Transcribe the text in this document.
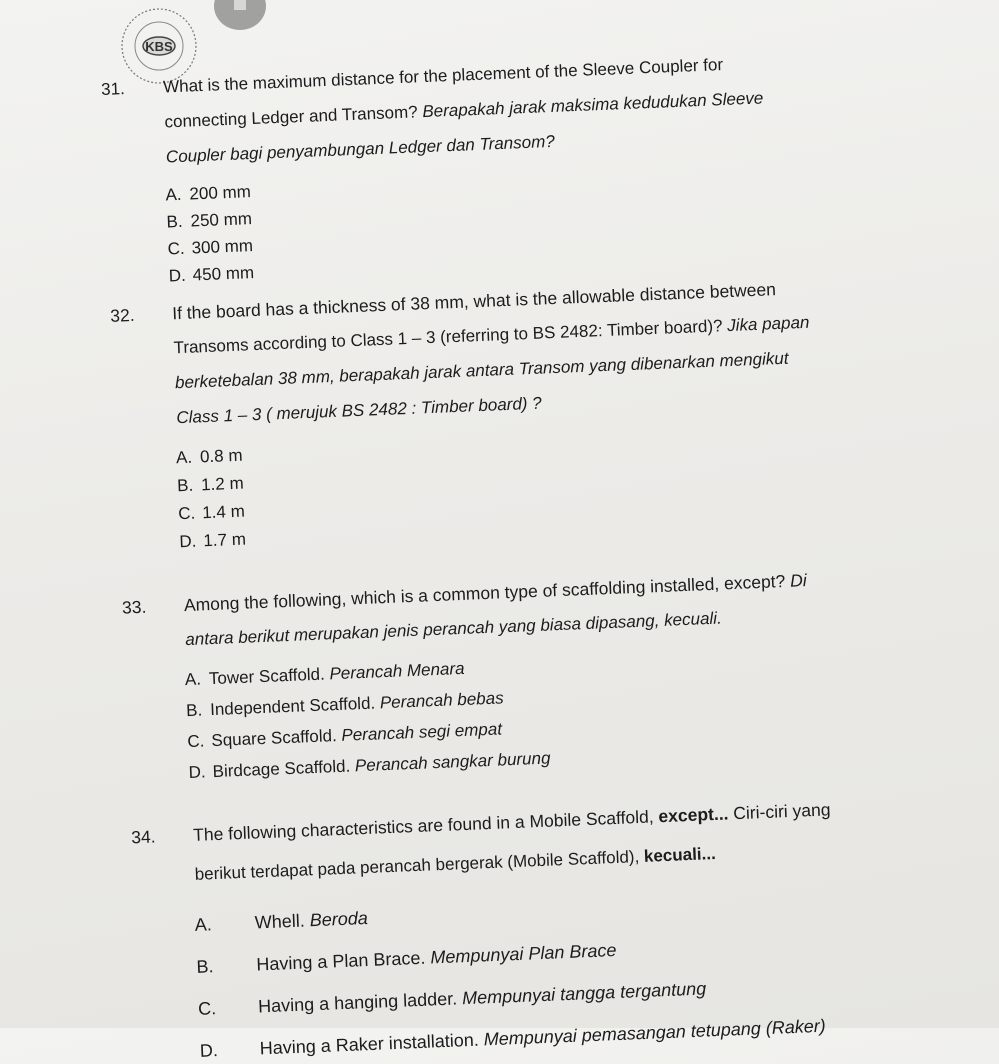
KBS
31. What is the maximum distance for the placement of the Sleeve Coupler for
connecting Ledger and Transom? Berapakah jarak maksima kedudukan Sleeve
Coupler bagi penyambungan Ledger dan Transom?
A. 200 mm
B. 250 mm
C. 300 mm
D. 450 mm
32. If the board has a thickness of 38 mm, what is the allowable distance between
Transoms according to Class 1 – 3 (referring to BS 2482: Timber board)? Jika papan
berketebalan 38 mm, berapakah jarak antara Transom yang dibenarkan mengikut
Class 1 – 3 ( merujuk BS 2482 : Timber board) ?
A. 0.8 m
B. 1.2 m
C. 1.4 m
D. 1.7 m
33. Among the following, which is a common type of scaffolding installed, except? Di
antara berikut merupakan jenis perancah yang biasa dipasang, kecuali.
A. Tower Scaffold. Perancah Menara
B. Independent Scaffold. Perancah bebas
C. Square Scaffold. Perancah segi empat
D. Birdcage Scaffold. Perancah sangkar burung
34. The following characteristics are found in a Mobile Scaffold, except... Ciri-ciri yang
berikut terdapat pada perancah bergerak (Mobile Scaffold), kecuali...
A. Whell. Beroda
B. Having a Plan Brace. Mempunyai Plan Brace
C. Having a hanging ladder. Mempunyai tangga tergantung
D. Having a Raker installation. Mempunyai pemasangan tetupang (Raker)
